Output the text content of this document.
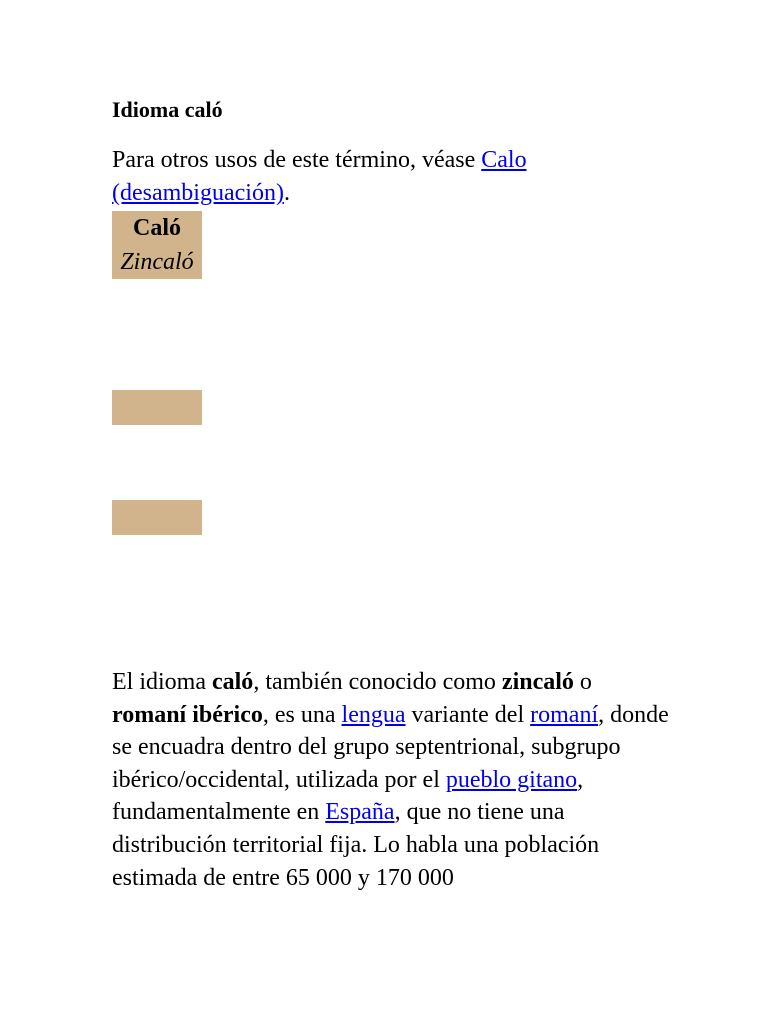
Idioma caló

Para otros usos de este término, véase Calo (desambiguación).

Caló
Zincaló

El idioma caló, también conocido como zincaló o romaní ibérico, es una lengua variante del romaní, donde se encuadra dentro del grupo septentrional, subgrupo ibérico/occidental, utilizada por el pueblo gitano, fundamentalmente en España, que no tiene una distribución territorial fija. Lo habla una población estimada de entre 65 000 y 170 000
